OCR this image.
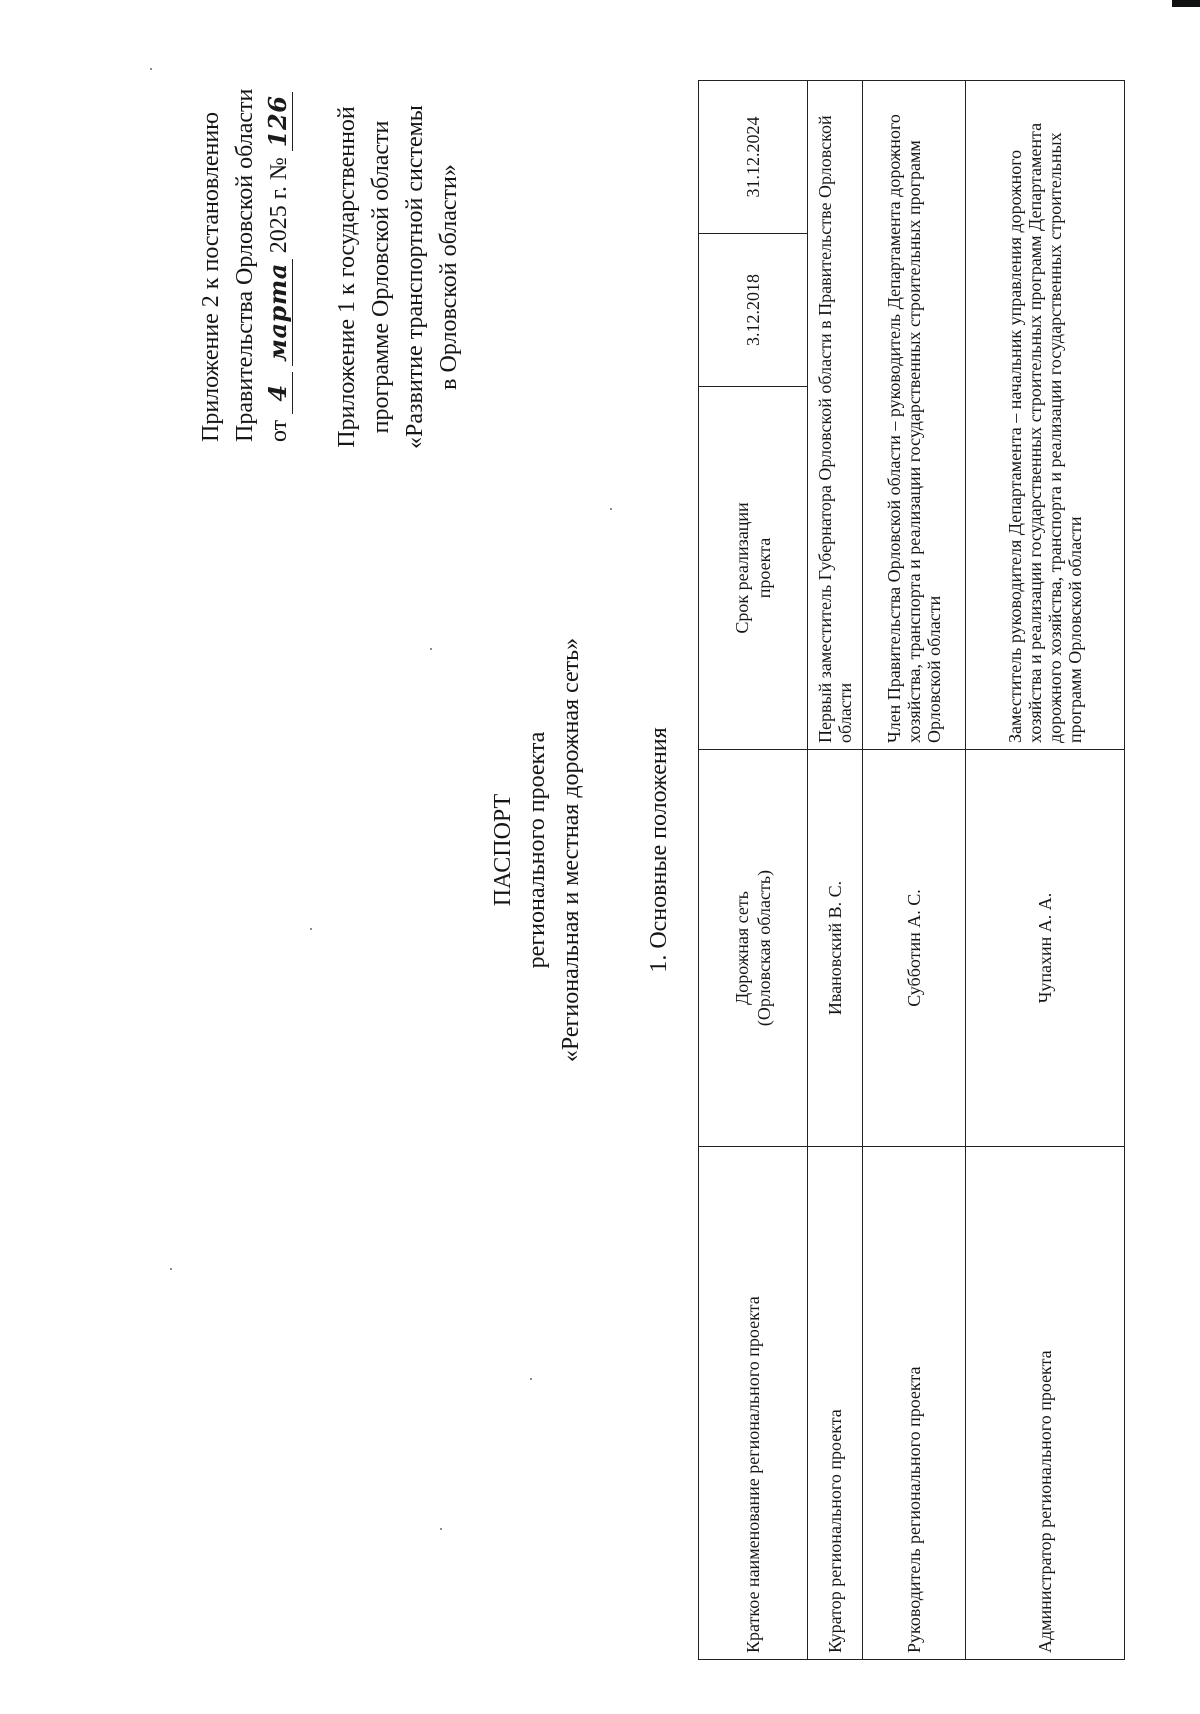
Приложение 2 к постановлению Правительства Орловской области от 4 марта 2025 г. № 126 Приложение 1 к государственной программе Орловской области «Развитие транспортной системы в Орловской области»
ПАСПОРТ регионального проекта «Региональная и местная дорожная сеть»	1. Основные положения
Краткое наименование регионального проекта	Дорожная сеть (Орловская область)	Срок реализации проекта	3.12.2018	31.12.2024
Куратор регионального проекта	Ивановский В. С.	Первый заместитель Губернатора Орловской области в Правительстве Орловской области		
Руководитель регионального проекта	Субботин А. С.	Член Правительства Орловской области – руководитель Департамента дорожного хозяйства, транспорта и реализации государственных строительных программ Орловской области		
Администратор регионального проекта	Чупахин А. А.	Заместитель руководителя Департамента – начальник управления дорожного хозяйства и реализации государственных строительных программ Департамента дорожного хозяйства, транспорта и реализации государственных строительных программ Орловской области		
